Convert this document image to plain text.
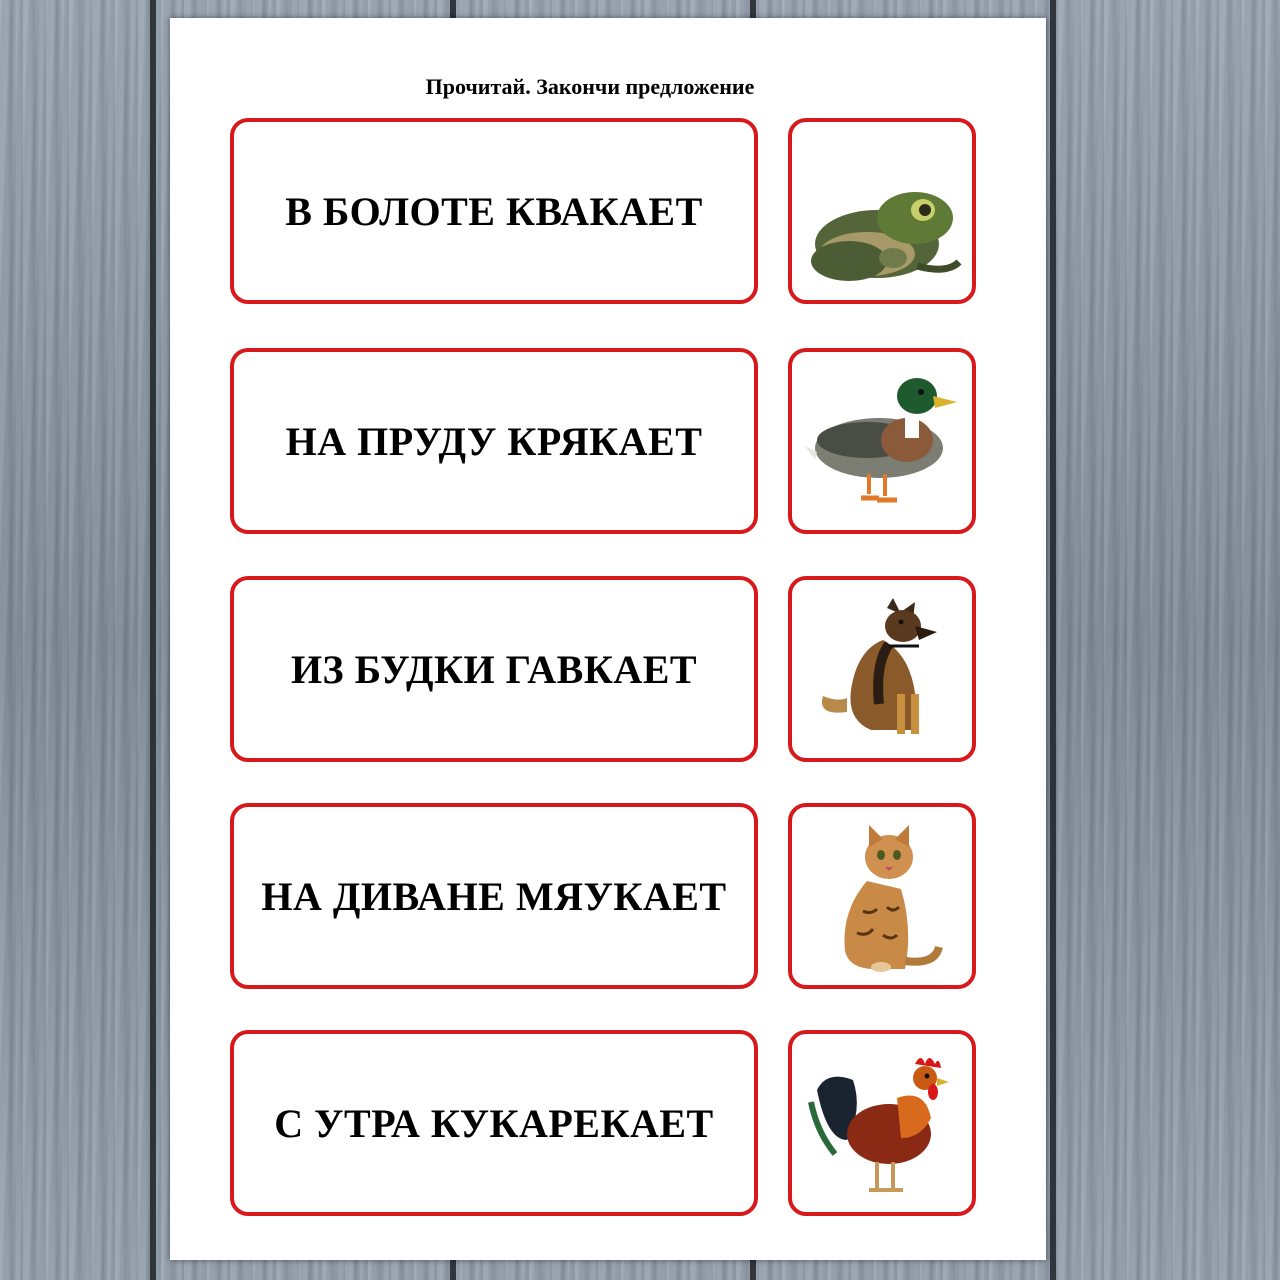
Прочитай. Закончи предложение
В БОЛОТЕ КВАКАЕТ
НА ПРУДУ КРЯКАЕТ
ИЗ БУДКИ ГАВКАЕТ
НА ДИВАНЕ МЯУКАЕТ
С УТРА КУКАРЕКАЕТ
